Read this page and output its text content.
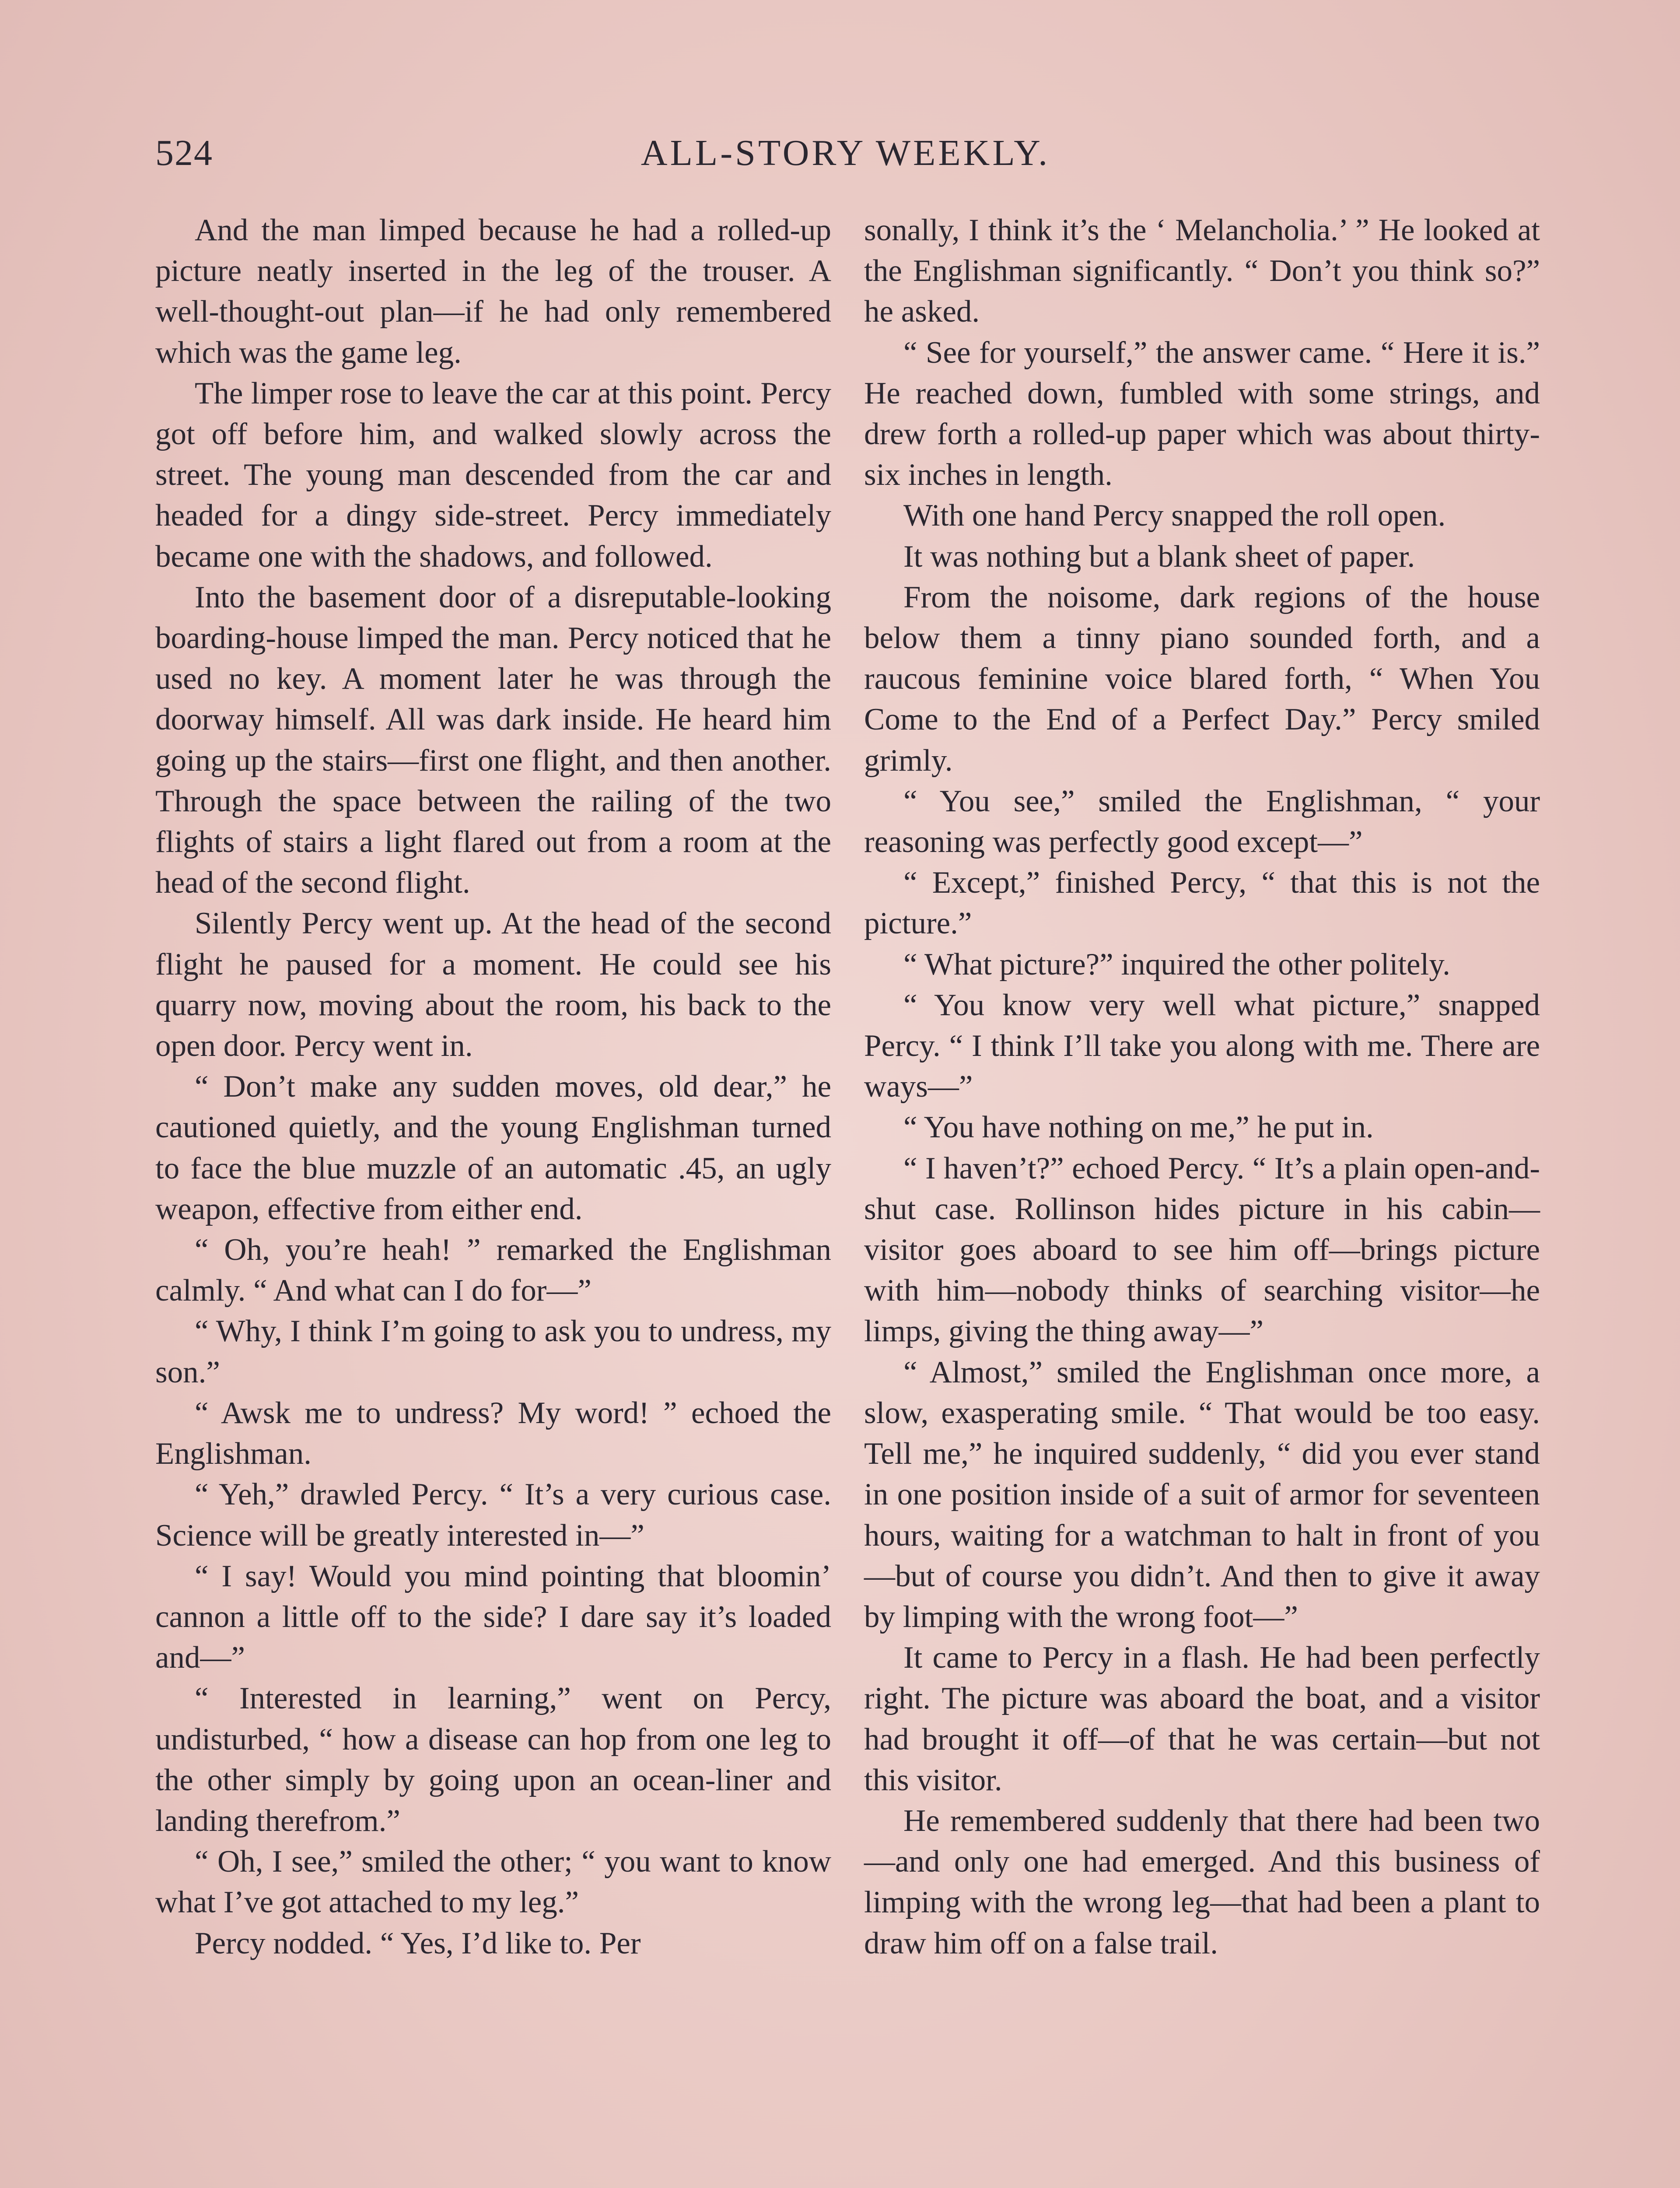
524	ALL-STORY WEEKLY.

And the man limped because he had a rolled-up picture neatly inserted in the leg of the trouser. A well-thought-out plan—if he had only remembered which was the game leg.

The limper rose to leave the car at this point. Percy got off before him, and walked slowly across the street. The young man descended from the car and headed for a dingy side-street. Percy immediately became one with the shadows, and followed.

Into the basement door of a disreputable-looking boarding-house limped the man. Percy noticed that he used no key. A moment later he was through the doorway himself. All was dark inside. He heard him going up the stairs—first one flight, and then another. Through the space between the railing of the two flights of stairs a light flared out from a room at the head of the second flight.

Silently Percy went up. At the head of the second flight he paused for a moment. He could see his quarry now, moving about the room, his back to the open door. Percy went in.

“ Don’t make any sudden moves, old dear,” he cautioned quietly, and the young Englishman turned to face the blue muzzle of an automatic .45, an ugly weapon, effective from either end.

“ Oh, you’re heah! ” remarked the Englishman calmly. “ And what can I do for—”

“ Why, I think I’m going to ask you to undress, my son.”

“ Awsk me to undress? My word! ” echoed the Englishman.

“ Yeh,” drawled Percy. “ It’s a very curious case. Science will be greatly interested in—”

“ I say! Would you mind pointing that bloomin’ cannon a little off to the side? I dare say it’s loaded and—”

“ Interested in learning,” went on Percy, undisturbed, “ how a disease can hop from one leg to the other simply by going upon an ocean-liner and landing therefrom.”

“ Oh, I see,” smiled the other; “ you want to know what I’ve got attached to my leg.”

Percy nodded. “ Yes, I’d like to. Per

sonally, I think it’s the ‘ Melancholia.’ ” He looked at the Englishman significantly. “ Don’t you think so?” he asked.

“ See for yourself,” the answer came. “ Here it is.” He reached down, fumbled with some strings, and drew forth a rolled-up paper which was about thirty-six inches in length.

With one hand Percy snapped the roll open.

It was nothing but a blank sheet of paper.

From the noisome, dark regions of the house below them a tinny piano sounded forth, and a raucous feminine voice blared forth, “ When You Come to the End of a Perfect Day.” Percy smiled grimly.

“ You see,” smiled the Englishman, “ your reasoning was perfectly good except—”

“ Except,” finished Percy, “ that this is not the picture.”

“ What picture?” inquired the other politely.

“ You know very well what picture,” snapped Percy. “ I think I’ll take you along with me. There are ways—”

“ You have nothing on me,” he put in.

“ I haven’t?” echoed Percy. “ It’s a plain open-and-shut case. Rollinson hides picture in his cabin—visitor goes aboard to see him off—brings picture with him—nobody thinks of searching visitor—he limps, giving the thing away—”

“ Almost,” smiled the Englishman once more, a slow, exasperating smile. “ That would be too easy. Tell me,” he inquired suddenly, “ did you ever stand in one position inside of a suit of armor for seventeen hours, waiting for a watchman to halt in front of you—but of course you didn’t. And then to give it away by limping with the wrong foot—”

It came to Percy in a flash. He had been perfectly right. The picture was aboard the boat, and a visitor had brought it off—of that he was certain—but not this visitor.

He remembered suddenly that there had been two—and only one had emerged. And this business of limping with the wrong leg—that had been a plant to draw him off on a false trail.
